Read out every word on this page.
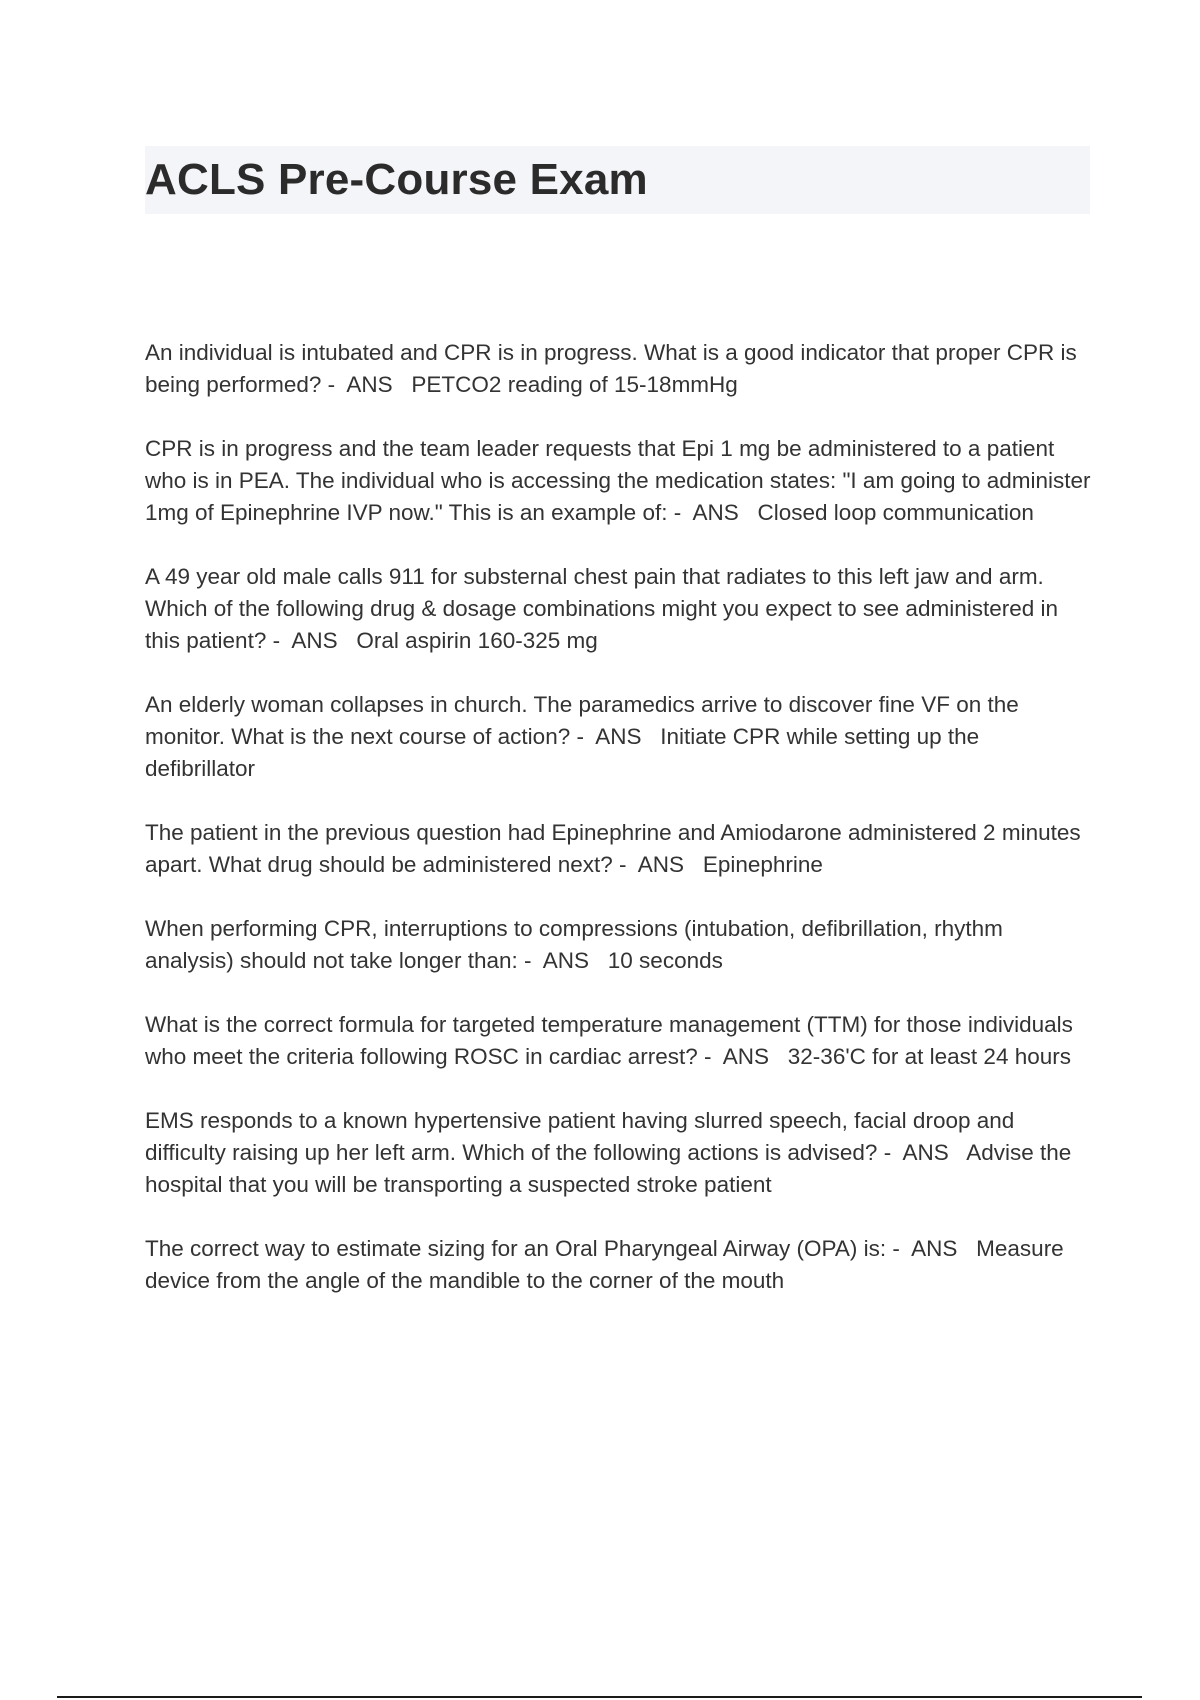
ACLS Pre-Course Exam

An individual is intubated and CPR is in progress. What is a good indicator that proper CPR is being performed? -  ANS PETCO2 reading of 15-18mmHg

CPR is in progress and the team leader requests that Epi 1 mg be administered to a patient who is in PEA. The individual who is accessing the medication states: "I am going to administer 1mg of Epinephrine IVP now." This is an example of: -  ANS Closed loop communication

A 49 year old male calls 911 for substernal chest pain that radiates to this left jaw and arm. Which of the following drug & dosage combinations might you expect to see administered in this patient? -  ANS Oral aspirin 160-325 mg

An elderly woman collapses in church. The paramedics arrive to discover fine VF on the monitor. What is the next course of action? -  ANS Initiate CPR while setting up the defibrillator

The patient in the previous question had Epinephrine and Amiodarone administered 2 minutes apart. What drug should be administered next? -  ANS Epinephrine

When performing CPR, interruptions to compressions (intubation, defibrillation, rhythm analysis) should not take longer than: -  ANS 10 seconds

What is the correct formula for targeted temperature management (TTM) for those individuals who meet the criteria following ROSC in cardiac arrest? -  ANS 32-36'C for at least 24 hours

EMS responds to a known hypertensive patient having slurred speech, facial droop and difficulty raising up her left arm. Which of the following actions is advised? -  ANS Advise the hospital that you will be transporting a suspected stroke patient

The correct way to estimate sizing for an Oral Pharyngeal Airway (OPA) is: -  ANS Measure device from the angle of the mandible to the corner of the mouth
